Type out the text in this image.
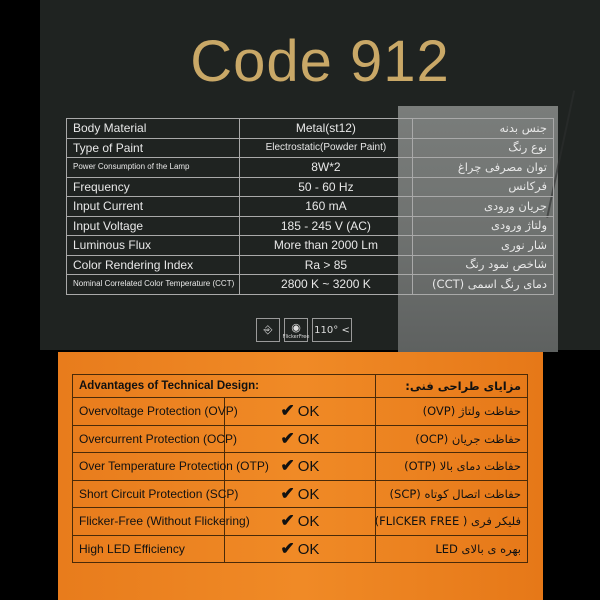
Code 912
Body Material	Metal(st12)	جنس بدنه
Type of Paint	Electrostatic(Powder Paint)	نوع رنگ
Power Consumption of the Lamp	8W*2	توان مصرفی چراغ
Frequency	50 - 60 Hz	فرکانس
Input Current	160 mA	جریان ورودی
Input Voltage	185 - 245 V (AC)	ولتاژ ورودی
Luminous Flux	More than 2000 Lm	شار نوری
Color Rendering Index	Ra > 85	شاخص نمود رنگ
Nominal Correlated Color Temperature (CCT)	2800 K ~ 3200 K	دمای رنگ اسمی (CCT)
⎆ ◉
FlickerFree
110° <
Advantages of Technical Design:		مزایای طراحی فنی:
Overvoltage Protection (OVP)	✔ OK	حفاظت ولتاژ (OVP)
Overcurrent Protection (OCP)	✔ OK	حفاظت جریان (OCP)
Over Temperature Protection (OTP)	✔ OK	حفاظت دمای بالا (OTP)
Short Circuit Protection (SCP)	✔ OK	حفاظت اتصال کوتاه (SCP)
Flicker-Free (Without Flickering)	✔ OK	فلیکر فری ( FLICKER FREE)
High LED Efficiency	✔ OK	بهره ی بالای LED
